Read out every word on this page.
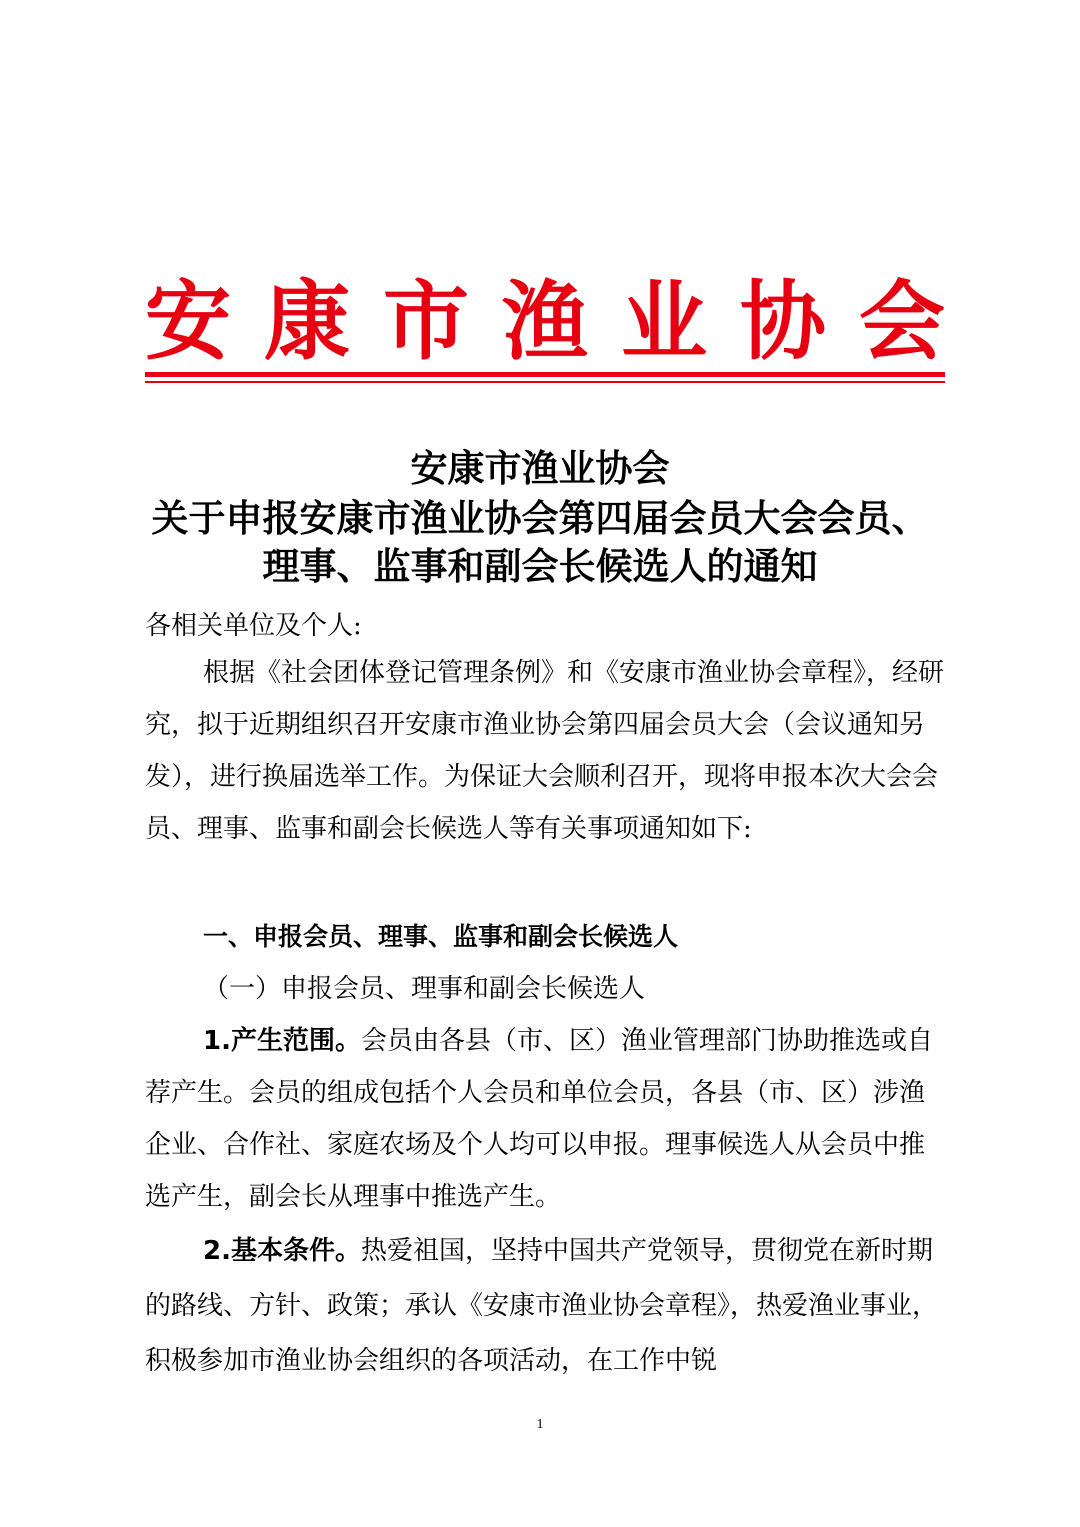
安 康 市 渔 业 协 会
安康市渔业协会
关于申报安康市渔业协会第四届会员大会会员、
理事、监事和副会长候选人的通知
各相关单位及个人:
根据《社会团体登记管理条例》和《安康市渔业协会章程》，经研究，拟于近期组织召开安康市渔业协会第四届会员大会（会议通知另发），进行换届选举工作。为保证大会顺利召开，现将申报本次大会会员、理事、监事和副会长候选人等有关事项通知如下:
一、申报会员、理事、监事和副会长候选人
（一）申报会员、理事和副会长候选人
1.产生范围。会员由各县（市、区）渔业管理部门协助推选或自荐产生。会员的组成包括个人会员和单位会员，各县（市、区）涉渔企业、合作社、家庭农场及个人均可以申报。理事候选人从会员中推选产生，副会长从理事中推选产生。
2.基本条件。热爱祖国，坚持中国共产党领导，贯彻党在新时期的路线、方针、政策；承认《安康市渔业协会章程》，热爱渔业事业，积极参加市渔业协会组织的各项活动，在工作中锐
1
